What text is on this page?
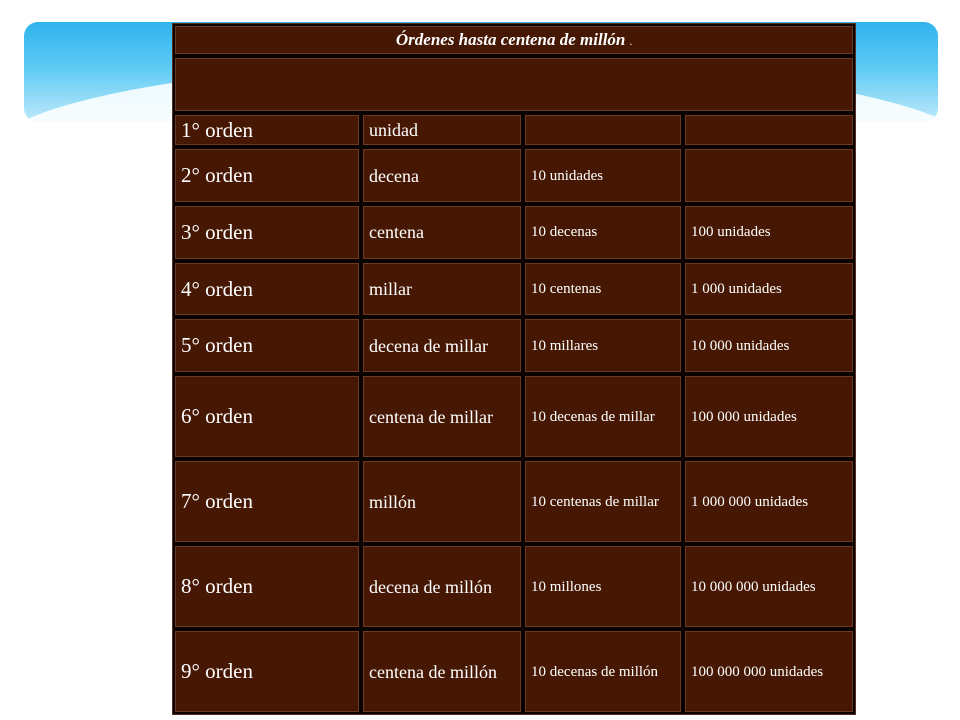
Órdenes hasta centena de millón .			

1° orden	unidad		
2° orden	decena	10 unidades	
3° orden	centena	10 decenas	100 unidades
4° orden	millar	10 centenas	1 000 unidades
5° orden	decena de millar	10 millares	10 000 unidades
6° orden	centena de millar	10 decenas de millar	100 000 unidades
7° orden	millón	10 centenas de millar	1 000 000 unidades
8° orden	decena de millón	10 millones	10 000 000 unidades
9° orden	centena de millón	10 decenas de millón	100 000 000 unidades
